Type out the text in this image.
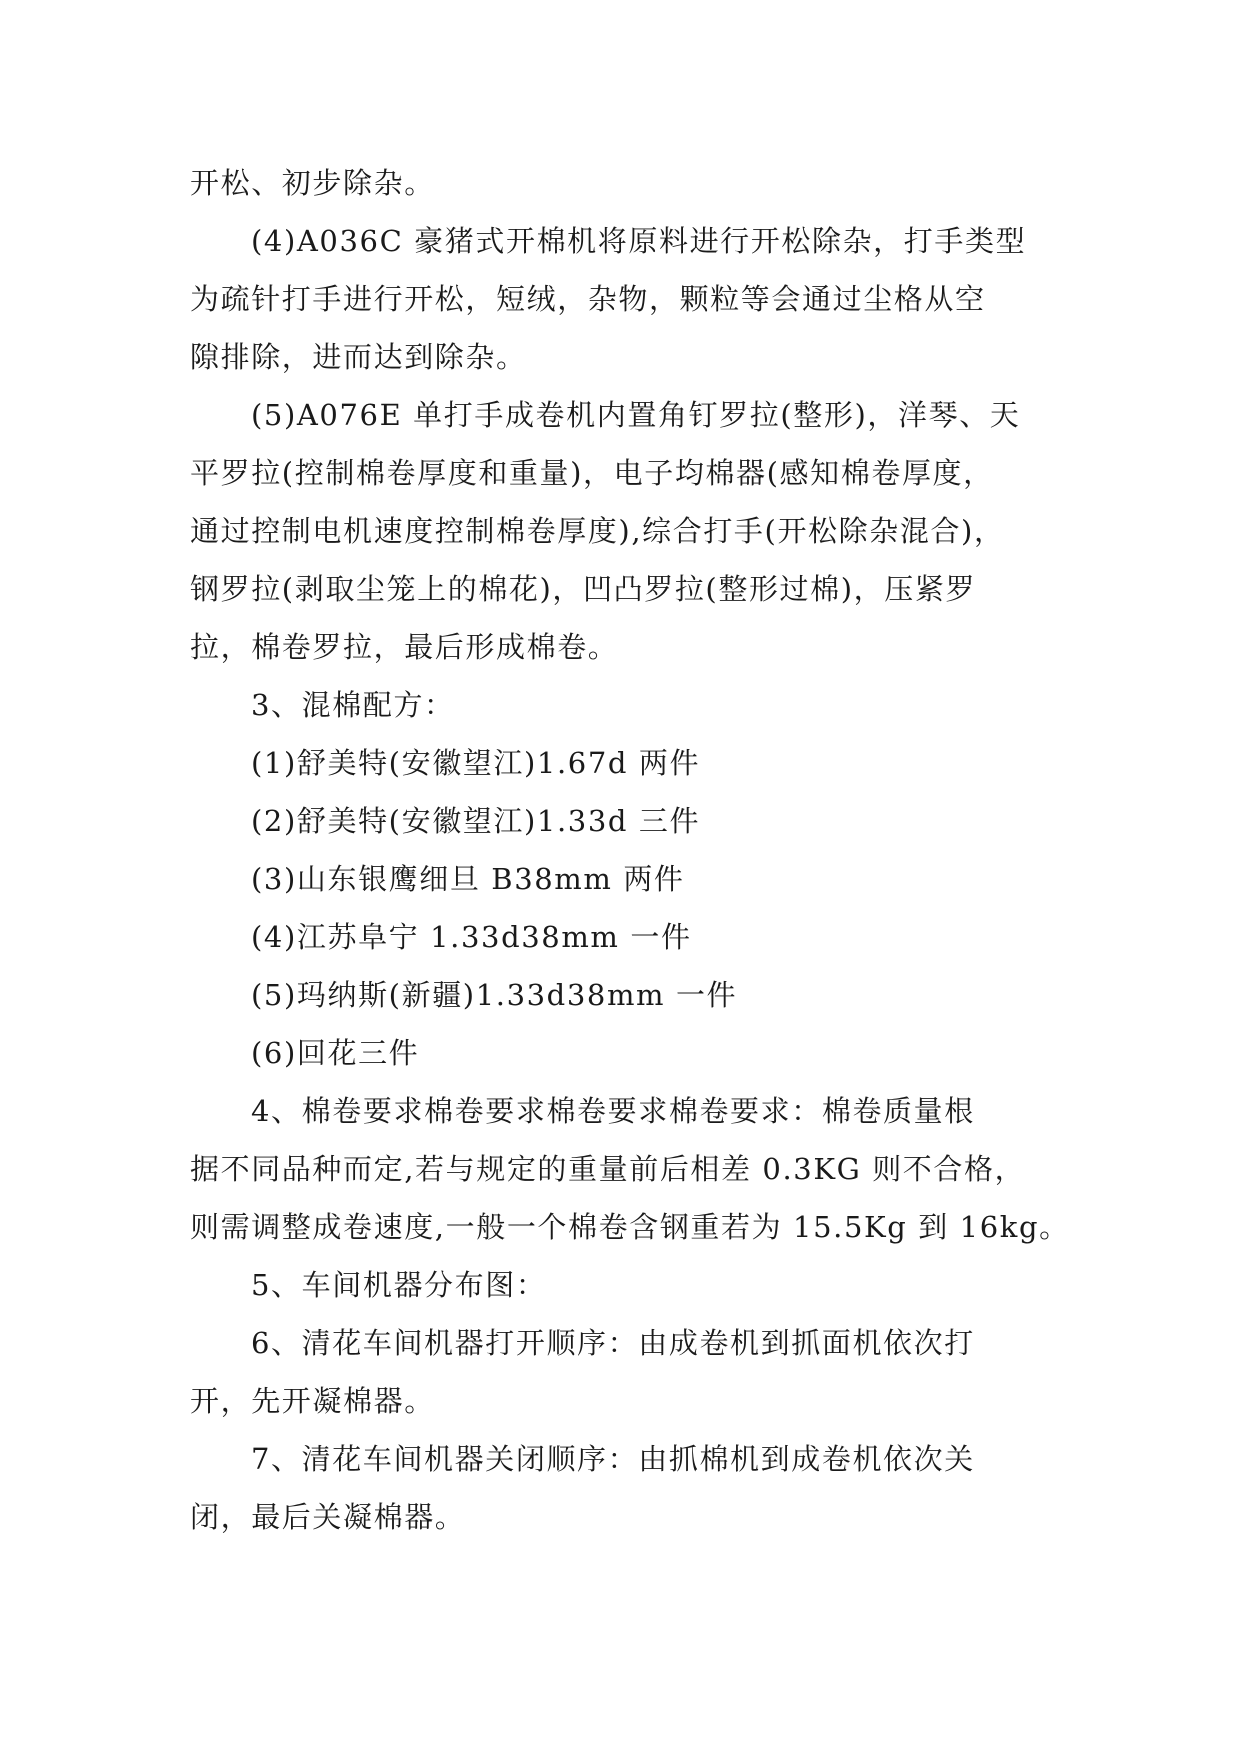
开松、初步除杂。
(4)A036C 豪猪式开棉机将原料进行开松除杂，打手类型
为疏针打手进行开松，短绒，杂物，颗粒等会通过尘格从空
隙排除，进而达到除杂。
(5)A076E 单打手成卷机内置角钉罗拉(整形)，洋琴、天
平罗拉(控制棉卷厚度和重量)，电子均棉器(感知棉卷厚度，
通过控制电机速度控制棉卷厚度),综合打手(开松除杂混合)，
钢罗拉(剥取尘笼上的棉花)，凹凸罗拉(整形过棉)，压紧罗
拉，棉卷罗拉，最后形成棉卷。
3、混棉配方：
(1)舒美特(安徽望江)1.67d 两件
(2)舒美特(安徽望江)1.33d 三件
(3)山东银鹰细旦 B38mm 两件
(4)江苏阜宁 1.33d38mm 一件
(5)玛纳斯(新疆)1.33d38mm 一件
(6)回花三件
4、棉卷要求棉卷要求棉卷要求棉卷要求：棉卷质量根
据不同品种而定,若与规定的重量前后相差 0.3KG 则不合格，
则需调整成卷速度,一般一个棉卷含钢重若为 15.5Kg 到 16kg。
5、车间机器分布图：
6、清花车间机器打开顺序：由成卷机到抓面机依次打
开，先开凝棉器。
7、清花车间机器关闭顺序：由抓棉机到成卷机依次关
闭，最后关凝棉器。
